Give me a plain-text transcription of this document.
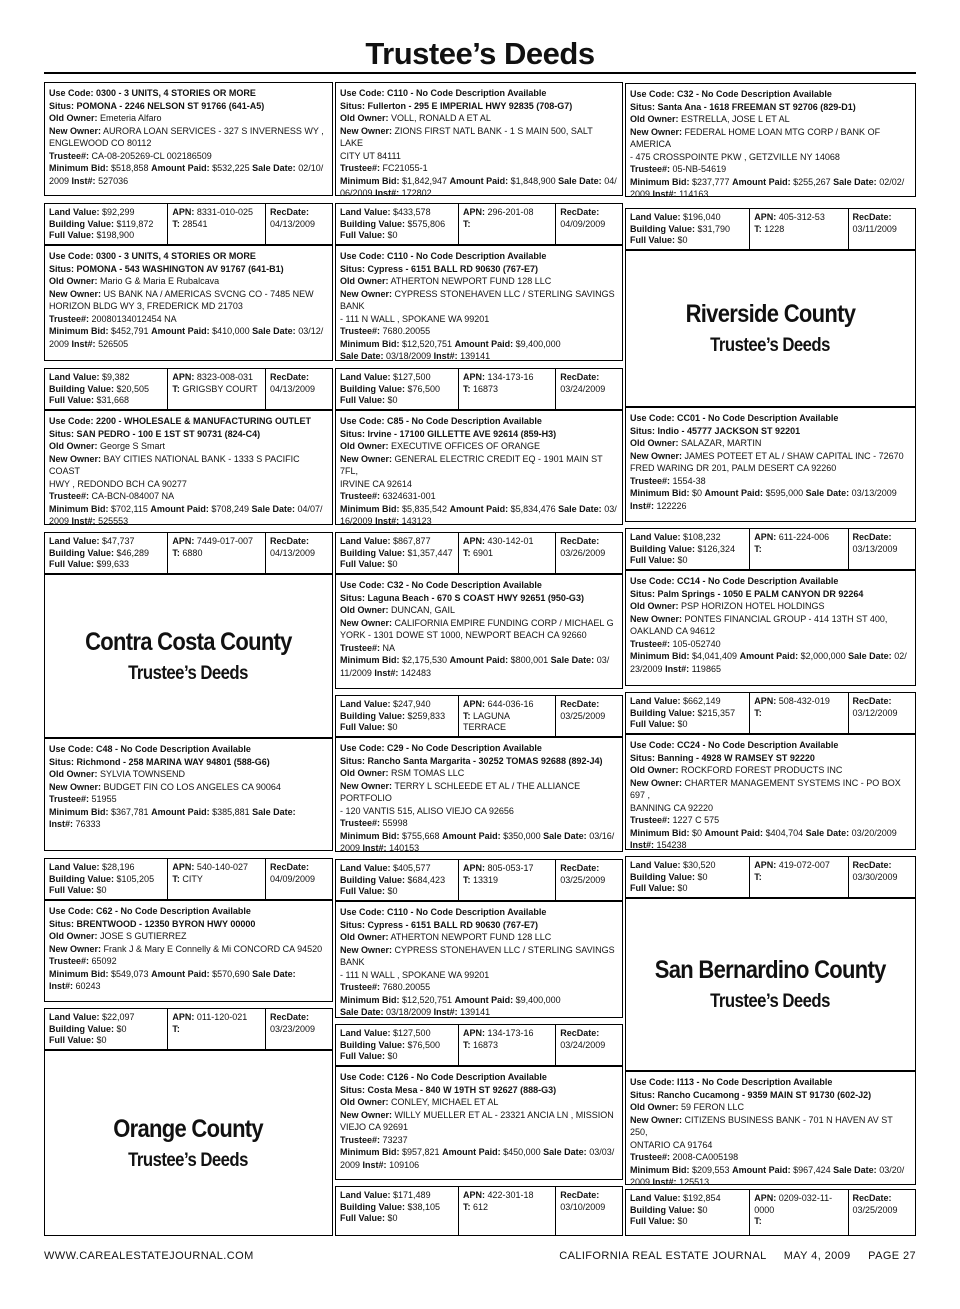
Trustee’s Deeds
Use Code: 0300 - 3 UNITS, 4 STORIES OR MORE
Situs: POMONA - 2246 NELSON ST 91766 (641-A5)
Old Owner: Emeteria Alfaro
New Owner: AURORA LOAN SERVICES - 327 S INVERNESS WY ,
ENGLEWOOD CO 80112
Trustee#: CA-08-205269-CL 002186509
Minimum Bid: $518,858 Amount Paid: $532,225 Sale Date: 02/10/
2009 Inst#: 527036
Land Value: $92,299
Building Value: $119,872
Full Value: $198,900
APN: 8331-010-025
T: 28541
RecDate:
04/13/2009
Use Code: 0300 - 3 UNITS, 4 STORIES OR MORE
Situs: POMONA - 543 WASHINGTON AV 91767 (641-B1)
Old Owner: Mario G & Maria E Rubalcava
New Owner: US BANK NA / AMERICAS SVCNG CO - 7485 NEW
HORIZON BLDG WY 3, FREDERICK MD 21703
Trustee#: 20080134012454 NA
Minimum Bid: $452,791 Amount Paid: $410,000 Sale Date: 03/12/
2009 Inst#: 526505
Land Value: $9,382
Building Value: $20,505
Full Value: $31,668
APN: 8323-008-031
T: GRIGSBY COURT
RecDate:
04/13/2009
Use Code: 2200 - WHOLESALE & MANUFACTURING OUTLET
Situs: SAN PEDRO - 100 E 1ST ST 90731 (824-C4)
Old Owner: George S Smart
New Owner: BAY CITIES NATIONAL BANK - 1333 S PACIFIC COAST
HWY , REDONDO BCH CA 90277
Trustee#: CA-BCN-084007 NA
Minimum Bid: $702,115 Amount Paid: $708,249 Sale Date: 04/07/
2009 Inst#: 525553
Land Value: $47,737
Building Value: $46,289
Full Value: $99,633
APN: 7449-017-007
T: 6880
RecDate:
04/13/2009
Contra Costa County
Trustee’s Deeds
Use Code: C48 - No Code Description Available
Situs: Richmond - 258 MARINA WAY 94801 (588-G6)
Old Owner: SYLVIA TOWNSEND
New Owner: BUDGET FIN CO LOS ANGELES CA 90064
Trustee#: 51955
Minimum Bid: $367,781 Amount Paid: $385,881 Sale Date:
Inst#: 76333
Land Value: $28,196
Building Value: $105,205
Full Value: $0
APN: 540-140-027
T: CITY
RecDate:
04/09/2009
Use Code: C62 - No Code Description Available
Situs: BRENTWOOD - 12350 BYRON HWY 00000
Old Owner: JOSE S GUTIERREZ
New Owner: Frank J & Mary E Connelly & Mi CONCORD CA 94520
Trustee#: 65092
Minimum Bid: $549,073 Amount Paid: $570,690 Sale Date:
Inst#: 60243
Land Value: $22,097
Building Value: $0
Full Value: $0
APN: 011-120-021
T:
RecDate:
03/23/2009
Orange County
Trustee’s Deeds
Use Code: C110 - No Code Description Available
Situs: Fullerton - 295 E IMPERIAL HWY 92835 (708-G7)
Old Owner: VOLL, RONALD A ET AL
New Owner: ZIONS FIRST NATL BANK - 1 S MAIN 500, SALT LAKE
CITY UT 84111
Trustee#: FC21055-1
Minimum Bid: $1,842,947 Amount Paid: $1,848,900 Sale Date: 04/
06/2009 Inst#: 172802
Land Value: $433,578
Building Value: $575,806
Full Value: $0
APN: 296-201-08
T:
RecDate:
04/09/2009
Use Code: C110 - No Code Description Available
Situs: Cypress - 6151 BALL RD 90630 (767-E7)
Old Owner: ATHERTON NEWPORT FUND 128 LLC
New Owner: CYPRESS STONEHAVEN LLC / STERLING SAVINGS BANK
- 111 N WALL , SPOKANE WA 99201
Trustee#: 7680.20055
Minimum Bid: $12,520,751 Amount Paid: $9,400,000
Sale Date: 03/18/2009 Inst#: 139141
Land Value: $127,500
Building Value: $76,500
Full Value: $0
APN: 134-173-16
T: 16873
RecDate:
03/24/2009
Use Code: C85 - No Code Description Available
Situs: Irvine - 17100 GILLETTE AVE 92614 (859-H3)
Old Owner: EXECUTIVE OFFICES OF ORANGE
New Owner: GENERAL ELECTRIC CREDIT EQ - 1901 MAIN ST 7FL,
IRVINE CA 92614
Trustee#: 6324631-001
Minimum Bid: $5,835,542 Amount Paid: $5,834,476 Sale Date: 03/
16/2009 Inst#: 143123
Land Value: $867,877
Building Value: $1,357,447
Full Value: $0
APN: 430-142-01
T: 6901
RecDate:
03/26/2009
Use Code: C32 - No Code Description Available
Situs: Laguna Beach - 670 S COAST HWY 92651 (950-G3)
Old Owner: DUNCAN, GAIL
New Owner: CALIFORNIA EMPIRE FUNDING CORP / MICHAEL G
YORK - 1301 DOWE ST 1000, NEWPORT BEACH CA 92660
Trustee#: NA
Minimum Bid: $2,175,530 Amount Paid: $800,001 Sale Date: 03/
11/2009 Inst#: 142483
Land Value: $247,940
Building Value: $259,833
Full Value: $0
APN: 644-036-16
T: LAGUNA TERRACE
RecDate:
03/25/2009
Use Code: C29 - No Code Description Available
Situs: Rancho Santa Margarita - 30252 TOMAS 92688 (892-J4)
Old Owner: RSM TOMAS LLC
New Owner: TERRY L SCHLEEDE ET AL / THE ALLIANCE PORTFOLIO
- 120 VANTIS 515, ALISO VIEJO CA 92656
Trustee#: 55998
Minimum Bid: $755,668 Amount Paid: $350,000 Sale Date: 03/16/
2009 Inst#: 140153
Land Value: $405,577
Building Value: $684,423
Full Value: $0
APN: 805-053-17
T: 13319
RecDate:
03/25/2009
Use Code: C110 - No Code Description Available
Situs: Cypress - 6151 BALL RD 90630 (767-E7)
Old Owner: ATHERTON NEWPORT FUND 128 LLC
New Owner: CYPRESS STONEHAVEN LLC / STERLING SAVINGS BANK
- 111 N WALL , SPOKANE WA 99201
Trustee#: 7680.20055
Minimum Bid: $12,520,751 Amount Paid: $9,400,000
Sale Date: 03/18/2009 Inst#: 139141
Land Value: $127,500
Building Value: $76,500
Full Value: $0
APN: 134-173-16
T: 16873
RecDate:
03/24/2009
Use Code: C126 - No Code Description Available
Situs: Costa Mesa - 840 W 19TH ST 92627 (888-G3)
Old Owner: CONLEY, MICHAEL ET AL
New Owner: WILLY MUELLER ET AL - 23321 ANCIA LN , MISSION
VIEJO CA 92691
Trustee#: 73237
Minimum Bid: $957,821 Amount Paid: $450,000 Sale Date: 03/03/
2009 Inst#: 109106
Land Value: $171,489
Building Value: $38,105
Full Value: $0
APN: 422-301-18
T: 612
RecDate:
03/10/2009
Use Code: C32 - No Code Description Available
Situs: Santa Ana - 1618 FREEMAN ST 92706 (829-D1)
Old Owner: ESTRELLA, JOSE L ET AL
New Owner: FEDERAL HOME LOAN MTG CORP / BANK OF AMERICA
- 475 CROSSPOINTE PKW , GETZVILLE NY 14068
Trustee#: 05-NB-54619
Minimum Bid: $237,777 Amount Paid: $255,267 Sale Date: 02/02/
2009 Inst#: 114163
Land Value: $196,040
Building Value: $31,790
Full Value: $0
APN: 405-312-53
T: 1228
RecDate:
03/11/2009
Riverside County
Trustee’s Deeds
Use Code: CC01 - No Code Description Available
Situs: Indio - 45777 JACKSON ST 92201
Old Owner: SALAZAR, MARTIN
New Owner: JAMES POTEET ET AL / SHAW CAPITAL INC - 72670
FRED WARING DR 201, PALM DESERT CA 92260
Trustee#: 1554-38
Minimum Bid: $0 Amount Paid: $595,000 Sale Date: 03/13/2009
Inst#: 122226
Land Value: $108,232
Building Value: $126,324
Full Value: $0
APN: 611-224-006
T:
RecDate:
03/13/2009
Use Code: CC14 - No Code Description Available
Situs: Palm Springs - 1050 E PALM CANYON DR 92264
Old Owner: PSP HORIZON HOTEL HOLDINGS
New Owner: PONTES FINANCIAL GROUP - 414 13TH ST 400,
OAKLAND CA 94612
Trustee#: 105-052740
Minimum Bid: $4,041,409 Amount Paid: $2,000,000 Sale Date: 02/
23/2009 Inst#: 119865
Land Value: $662,149
Building Value: $215,357
Full Value: $0
APN: 508-432-019
T:
RecDate:
03/12/2009
Use Code: CC24 - No Code Description Available
Situs: Banning - 4928 W RAMSEY ST 92220
Old Owner: ROCKFORD FOREST PRODUCTS INC
New Owner: CHARTER MANAGEMENT SYSTEMS INC - PO BOX 697 ,
BANNING CA 92220
Trustee#: 1227 C 575
Minimum Bid: $0 Amount Paid: $404,704 Sale Date: 03/20/2009
Inst#: 154238
Land Value: $30,520
Building Value: $0
Full Value: $0
APN: 419-072-007
T:
RecDate:
03/30/2009
San Bernardino County
Trustee’s Deeds
Use Code: I113 - No Code Description Available
Situs: Rancho Cucamong - 9359 MAIN ST 91730 (602-J2)
Old Owner: 59 FERON LLC
New Owner: CITIZENS BUSINESS BANK - 701 N HAVEN AV ST 250,
ONTARIO CA 91764
Trustee#: 2008-CA005198
Minimum Bid: $209,553 Amount Paid: $967,424 Sale Date: 03/20/
2009 Inst#: 125513
Land Value: $192,854
Building Value: $0
Full Value: $0
APN: 0209-032-11-0000
T:
RecDate:
03/25/2009
WWW.CAREALESTATEJOURNAL.COM	CALIFORNIA REAL ESTATE JOURNAL MAY 4, 2009 PAGE 27
